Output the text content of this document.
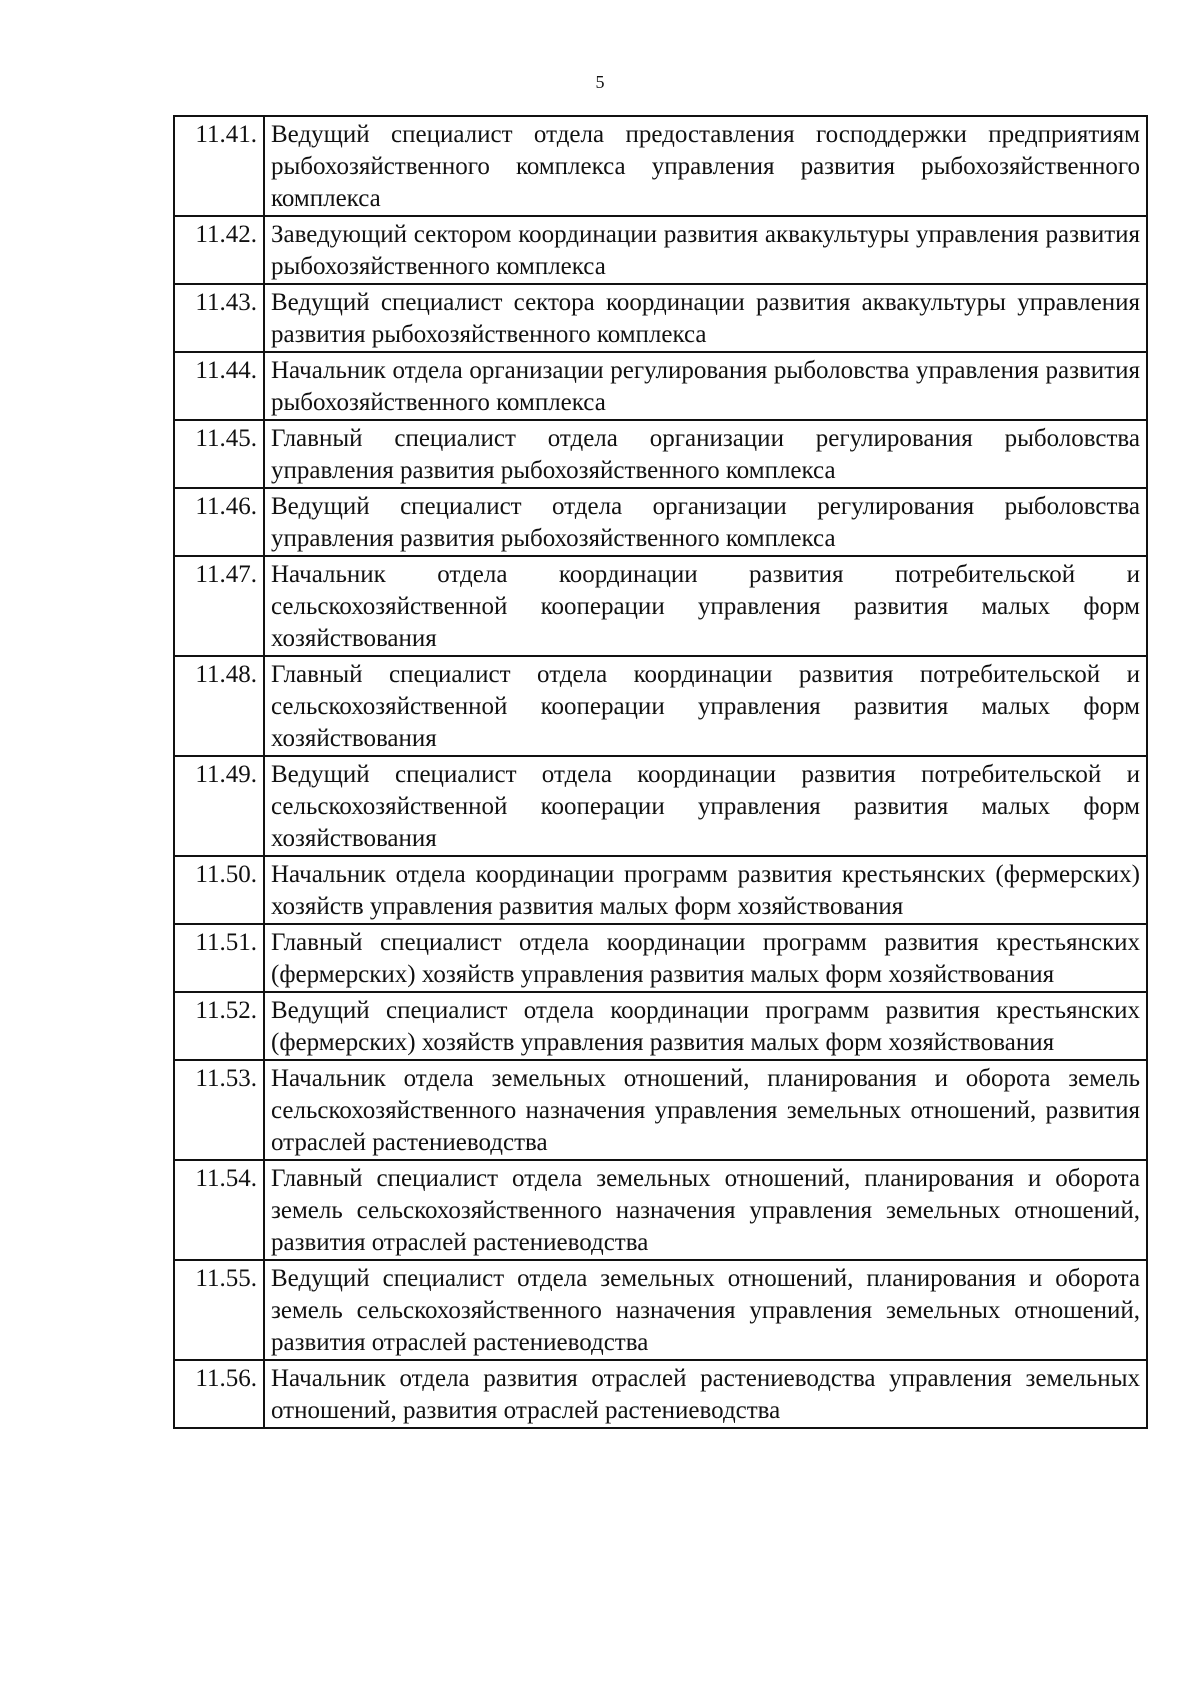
5
11.41.	Ведущий специалист отдела предоставления господдержки предприятиям рыбохозяйственного комплекса управления развития рыбохозяйственного комплекса
11.42.	Заведующий сектором координации развития аквакультуры управления развития рыбохозяйственного комплекса
11.43.	Ведущий специалист сектора координации развития аквакультуры управления развития рыбохозяйственного комплекса
11.44.	Начальник отдела организации регулирования рыболовства управления развития рыбохозяйственного комплекса
11.45.	Главный специалист отдела организации регулирования рыболовства управления развития рыбохозяйственного комплекса
11.46.	Ведущий специалист отдела организации регулирования рыболовства управления развития рыбохозяйственного комплекса
11.47.	Начальник отдела координации развития потребительской и сельскохозяйственной кооперации управления развития малых форм хозяйствования
11.48.	Главный специалист отдела координации развития потребительской и сельскохозяйственной кооперации управления развития малых форм хозяйствования
11.49.	Ведущий специалист отдела координации развития потребительской и сельскохозяйственной кооперации управления развития малых форм хозяйствования
11.50.	Начальник отдела координации программ развития крестьянских (фермерских) хозяйств управления развития малых форм хозяйствования
11.51.	Главный специалист отдела координации программ развития крестьянских (фермерских) хозяйств управления развития малых форм хозяйствования
11.52.	Ведущий специалист отдела координации программ развития крестьянских (фермерских) хозяйств управления развития малых форм хозяйствования
11.53.	Начальник отдела земельных отношений, планирования и оборота земель сельскохозяйственного назначения управления земельных отношений, развития отраслей растениеводства
11.54.	Главный специалист отдела земельных отношений, планирования и оборота земель сельскохозяйственного назначения управления земельных отношений, развития отраслей растениеводства
11.55.	Ведущий специалист отдела земельных отношений, планирования и оборота земель сельскохозяйственного назначения управления земельных отношений, развития отраслей растениеводства
11.56.	Начальник отдела развития отраслей растениеводства управления земельных отношений, развития отраслей растениеводства
